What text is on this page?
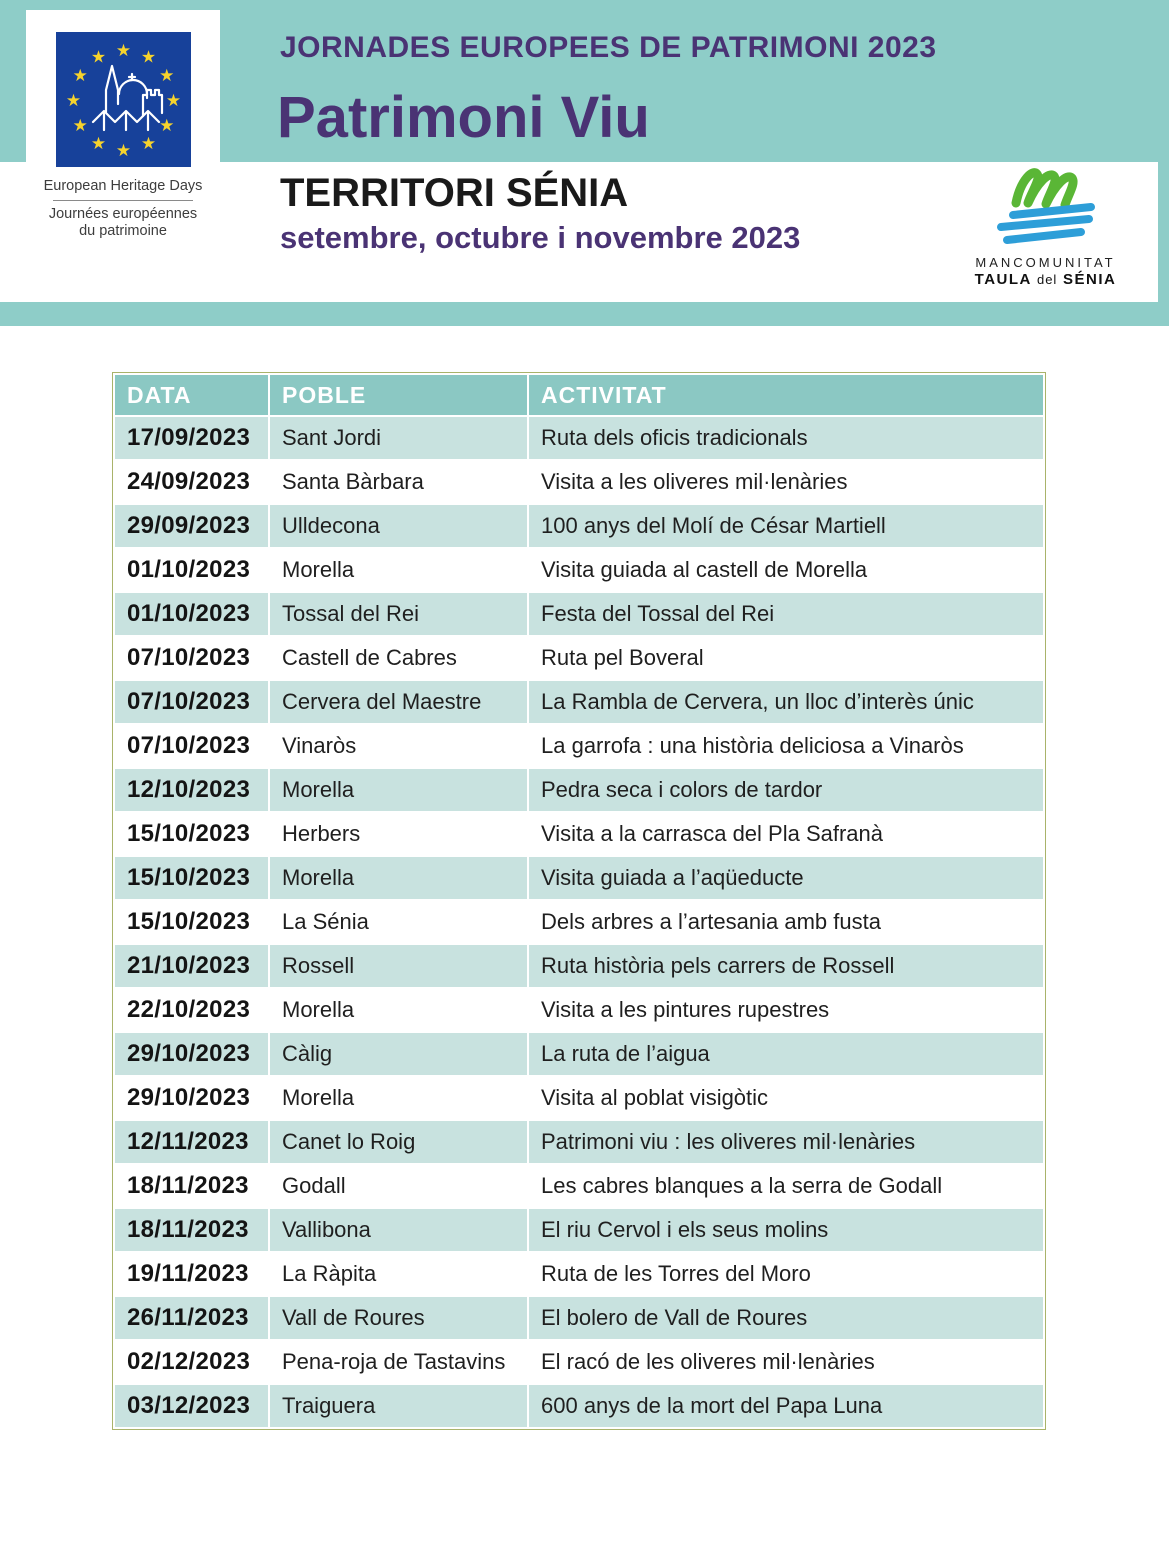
★
★
★
★
★
★
★
★
★ ★ ★
★
European Heritage Days
Journées européennes
du patrimoine
JORNADES EUROPEES DE PATRIMONI 2023
Patrimoni Viu
TERRITORI SÉNIA
setembre, octubre i novembre 2023
MANCOMUNITAT
TAULA del SÉNIA
DATA	POBLE	ACTIVITAT
17/09/2023	Sant Jordi	Ruta dels oficis tradicionals
24/09/2023	Santa Bàrbara	Visita a les oliveres mil·lenàries
29/09/2023	Ulldecona	100 anys del Molí de César Martiell
01/10/2023	Morella	Visita guiada al castell de Morella
01/10/2023	Tossal del Rei	Festa del Tossal del Rei
07/10/2023	Castell de Cabres	Ruta pel Boveral
07/10/2023	Cervera del Maestre	La Rambla de Cervera, un lloc d’interès únic
07/10/2023	Vinaròs	La garrofa : una història deliciosa a Vinaròs
12/10/2023	Morella	Pedra seca i colors de tardor
15/10/2023	Herbers	Visita a la carrasca del Pla Safranà
15/10/2023	Morella	Visita guiada a l’aqüeducte
15/10/2023	La Sénia	Dels arbres a l’artesania amb fusta
21/10/2023	Rossell	Ruta història pels carrers de Rossell
22/10/2023	Morella	Visita a les pintures rupestres
29/10/2023	Càlig	La ruta de l’aigua
29/10/2023	Morella	Visita al poblat visigòtic
12/11/2023	Canet lo Roig	Patrimoni viu : les oliveres mil·lenàries
18/11/2023	Godall	Les cabres blanques a la serra de Godall
18/11/2023	Vallibona	El riu Cervol i els seus molins
19/11/2023	La Ràpita	Ruta de les Torres del Moro
26/11/2023	Vall de Roures	El bolero de Vall de Roures
02/12/2023	Pena-roja de Tastavins	El racó de les oliveres mil·lenàries
03/12/2023	Traiguera	600 anys de la mort del Papa Luna
